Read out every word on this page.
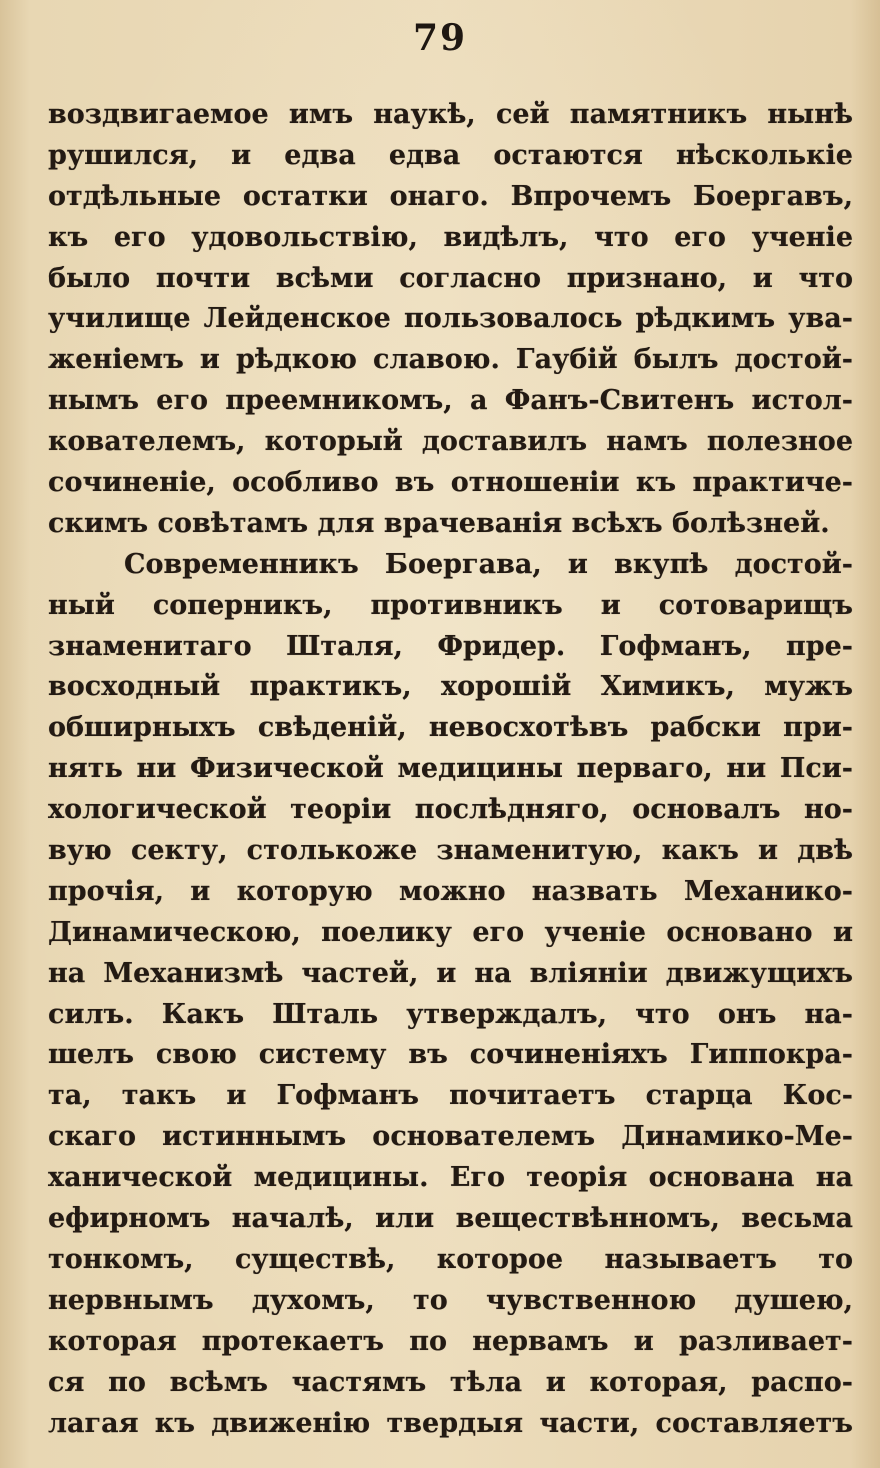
79
воздвигаемое имъ наукѣ, сей памятникъ нынѣ
рушился, и едва едва остаются нѣсколькіе
отдѣльные остатки онаго. Впрочемъ Боергавъ,
къ его удовольствію, видѣлъ, что его ученіе
было почти всѣми согласно признано, и что
училище Лейденское пользовалось рѣдкимъ ува-
женіемъ и рѣдкою славою. Гаубій былъ достой-
нымъ его преемникомъ, а Фанъ-Свитенъ истол-
кователемъ, который доставилъ намъ полезное
сочиненіе, особливо въ отношеніи къ практиче-
скимъ совѣтамъ для врачеванія всѣхъ болѣзней.
Современникъ Боергава, и вкупѣ достой-
ный соперникъ, противникъ и сотоварищъ
знаменитаго Шталя, Фридер. Гофманъ, пре-
восходный практикъ, хорошій Химикъ, мужъ
обширныхъ свѣденій, невосхотѣвъ рабски при-
нять ни Физической медицины перваго, ни Пси-
хологической теоріи послѣдняго, основалъ но-
вую секту, столькоже знаменитую, какъ и двѣ
прочія, и которую можно назвать Механико-
Динамическою, поелику его ученіе основано и
на Механизмѣ частей, и на вліяніи движущихъ
силъ. Какъ Шталь утверждалъ, что онъ на-
шелъ свою систему въ сочиненіяхъ Гиппокра-
та, такъ и Гофманъ почитаетъ старца Кос-
скаго истиннымъ основателемъ Динамико-Ме-
ханической медицины. Его теорія основана на
ефирномъ началѣ, или веществѣнномъ, весьма
тонкомъ, существѣ, которое называетъ то
нервнымъ духомъ, то чувственною душею,
которая протекаетъ по нервамъ и разливает-
ся по всѣмъ частямъ тѣла и которая, распо-
лагая къ движенію твердыя части, составляетъ
